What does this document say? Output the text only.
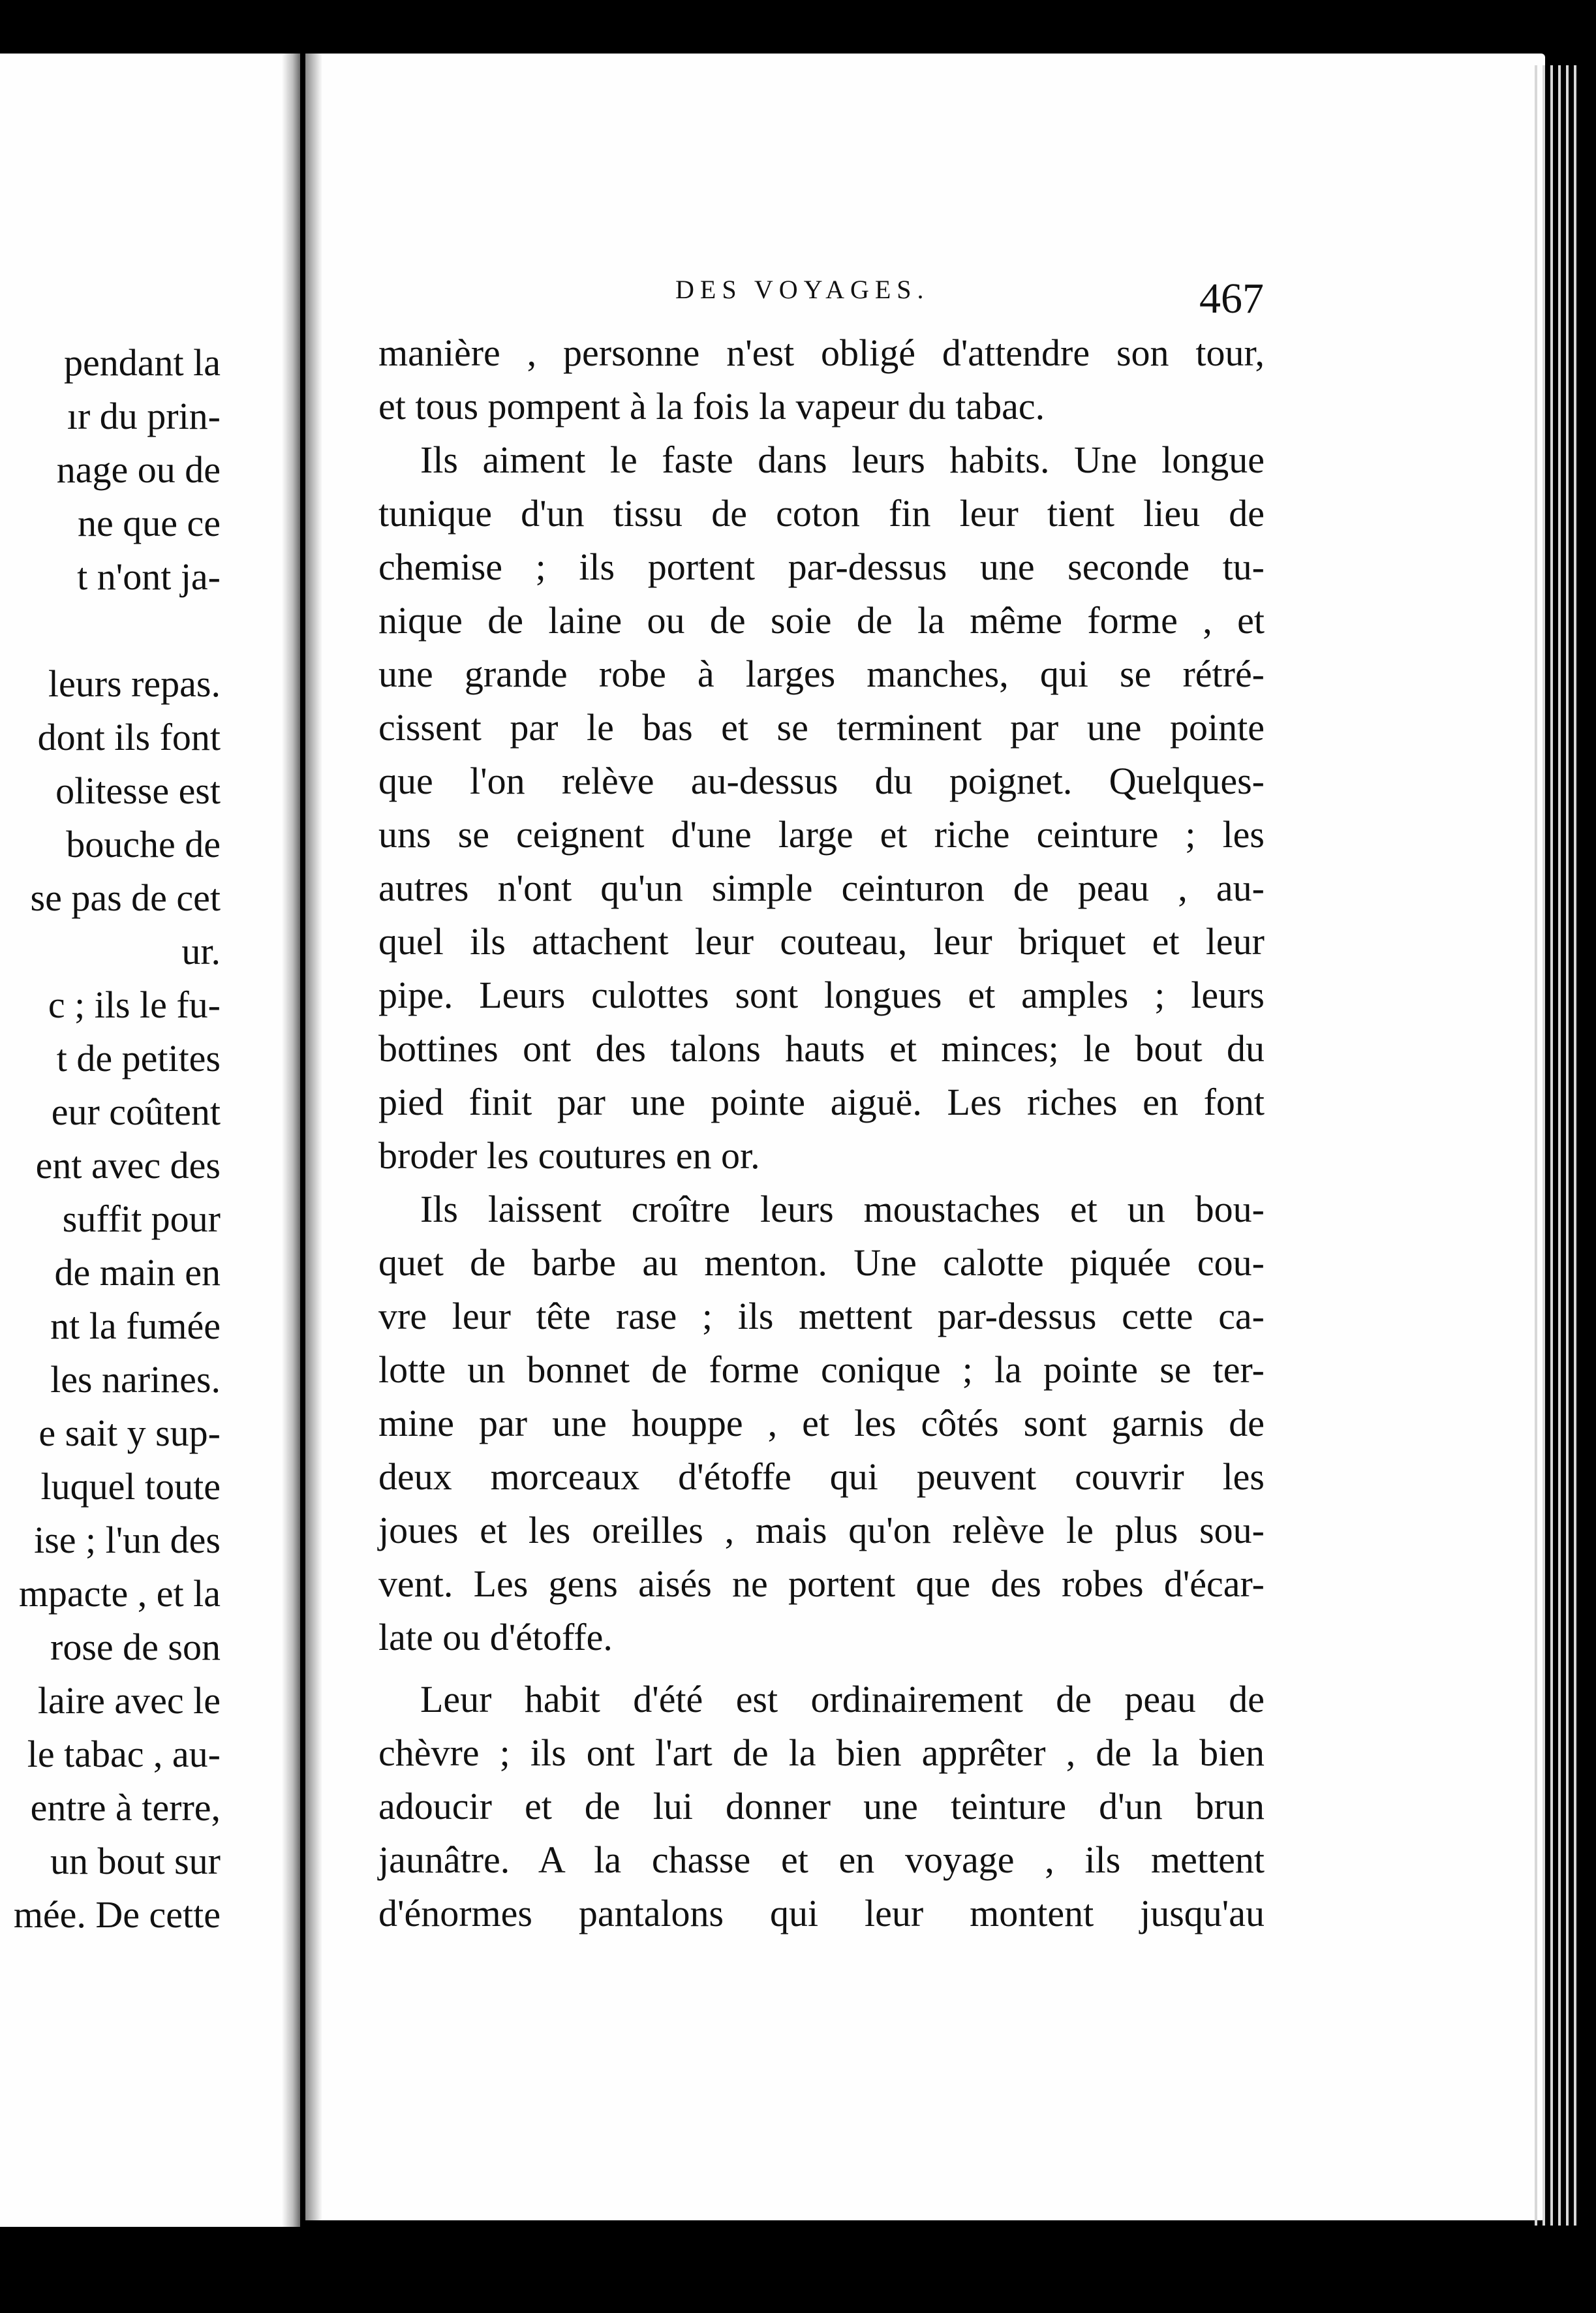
pendant la
ır du prin-
nage ou de
ne que ce
t n'ont ja-
leurs repas.
dont ils font
olitesse est
bouche de
se pas de cet
ur.
c ; ils le fu-
t de petites
eur coûtent
ent avec des
suffit pour
de main en
nt la fumée
les narines.
e sait y sup-
luquel toute
ise ; l'un des
mpacte , et la
rose de son
laire avec le
le tabac , au-
entre à terre,
un bout sur
mée. De cette
DES VOYAGES.	467
manière , personne n'est obligé d'attendre son tour,
et tous pompent à la fois la vapeur du tabac.
Ils aiment le faste dans leurs habits. Une longue
tunique d'un tissu de coton fin leur tient lieu de
chemise ; ils portent par-dessus une seconde tu-
nique de laine ou de soie de la même forme , et
une grande robe à larges manches, qui se rétré-
cissent par le bas et se terminent par une pointe
que l'on relève au-dessus du poignet. Quelques-
uns se ceignent d'une large et riche ceinture ; les
autres n'ont qu'un simple ceinturon de peau , au-
quel ils attachent leur couteau, leur briquet et leur
pipe. Leurs culottes sont longues et amples ; leurs
bottines ont des talons hauts et minces; le bout du
pied finit par une pointe aiguë. Les riches en font
broder les coutures en or.
Ils laissent croître leurs moustaches et un bou-
quet de barbe au menton. Une calotte piquée cou-
vre leur tête rase ; ils mettent par-dessus cette ca-
lotte un bonnet de forme conique ; la pointe se ter-
mine par une houppe , et les côtés sont garnis de
deux morceaux d'étoffe qui peuvent couvrir les
joues et les oreilles , mais qu'on relève le plus sou-
vent. Les gens aisés ne portent que des robes d'écar-
late ou d'étoffe.
Leur habit d'été est ordinairement de peau de
chèvre ; ils ont l'art de la bien apprêter , de la bien
adoucir et de lui donner une teinture d'un brun
jaunâtre. A la chasse et en voyage , ils mettent
d'énormes pantalons qui leur montent jusqu'au
